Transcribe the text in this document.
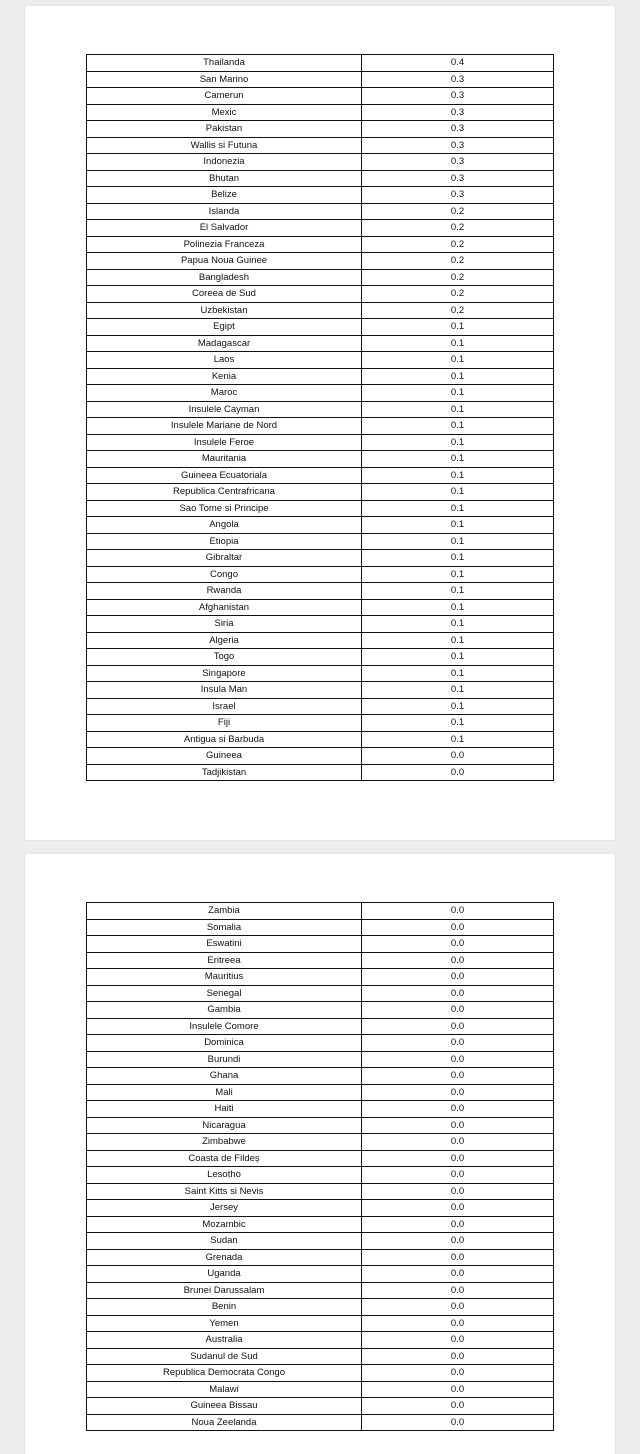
Thailanda	0.4
San Marino	0.3
Camerun	0.3
Mexic	0.3
Pakistan	0.3
Wallis si Futuna	0.3
Indonezia	0.3
Bhutan	0.3
Belize	0.3
Islanda	0.2
El Salvador	0.2
Polinezia Franceza	0.2
Papua Noua Guinee	0.2
Bangladesh	0.2
Coreea de Sud	0.2
Uzbekistan	0.2
Egipt	0.1
Madagascar	0.1
Laos	0.1
Kenia	0.1
Maroc	0.1
Insulele Cayman	0.1
Insulele Mariane de Nord	0.1
Insulele Feroe	0.1
Mauritania	0.1
Guineea Ecuatoriala	0.1
Republica Centrafricana	0.1
Sao Tome si Principe	0.1
Angola	0.1
Etiopia	0.1
Gibraltar	0.1
Congo	0.1
Rwanda	0.1
Afghanistan	0.1
Siria	0.1
Algeria	0.1
Togo	0.1
Singapore	0.1
Insula Man	0.1
Israel	0.1
Fiji	0.1
Antigua si Barbuda	0.1
Guineea	0.0
Tadjikistan	0.0
Zambia	0.0
Somalia	0.0
Eswatini	0.0
Eritreea	0.0
Mauritius	0.0
Senegal	0.0
Gambia	0.0
Insulele Comore	0.0
Dominica	0.0
Burundi	0.0
Ghana	0.0
Mali	0.0
Haiti	0.0
Nicaragua	0.0
Zimbabwe	0.0
Coasta de Fildeș	0.0
Lesotho	0.0
Saint Kitts si Nevis	0.0
Jersey	0.0
Mozambic	0.0
Sudan	0.0
Grenada	0.0
Uganda	0.0
Brunei Darussalam	0.0
Benin	0.0
Yemen	0.0
Australia	0.0
Sudanul de Sud	0.0
Republica Democrata Congo	0.0
Malawi	0.0
Guineea Bissau	0.0
Noua Zeelanda	0.0
